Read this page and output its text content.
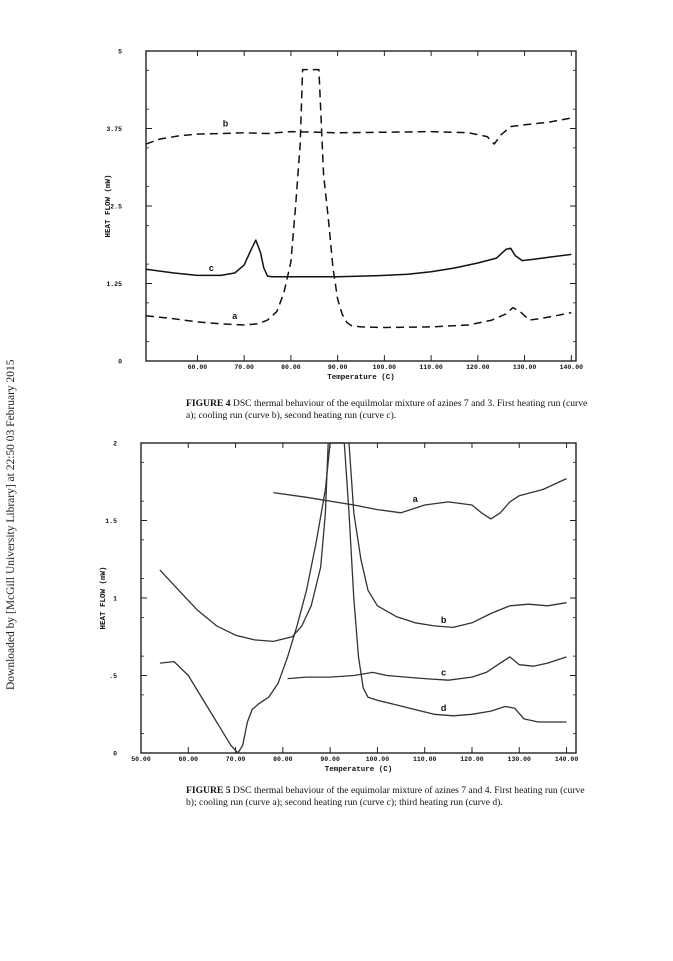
Downloaded by [McGill University Library] at 22:50 03 February 2015	60.00	70.00	80.00	90.00	100.00	110.00	120.00	130.00	140.00
0
1.25
2.5
3.75
5
Temperature (C)
HEAT FLOW (mW)
a
b
c

FIGURE 4 DSC thermal behaviour of the equilmolar mixture of azines 7 and 3. First heating run (curve a); cooling run (curve b), second heating run (curve c).

50.00	60.00	70.00	80.00	90.00	100.00	110.00	120.00	130.00	140.00
0
.5
1
1.5
2
Temperature (C)
HEAT FLOW (mW)
a
b
c
d

FIGURE 5 DSC thermal behaviour of the equimolar mixture of azines 7 and 4. First heating run (curve b); cooling run (curve a); second heating run (curve c); third heating run (curve d).
